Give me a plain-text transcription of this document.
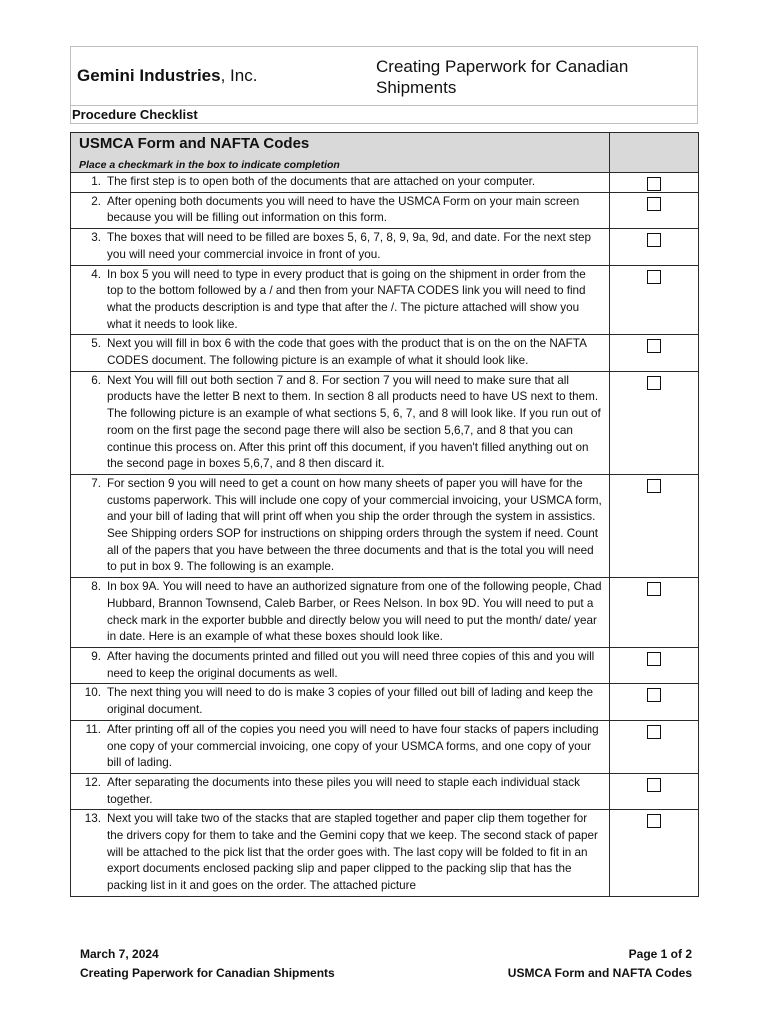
Gemini Industries, Inc.	Creating Paperwork for Canadian Shipments
Procedure Checklist
USMCA Form and NAFTA Codes
Place a checkmark in the box to indicate completion	

1. The first step is to open both of the documents that are attached on your computer.	

2. After opening both documents you will need to have the USMCA Form on your main screen because you will be filling out information on this form.	

3. The boxes that will need to be filled are boxes 5, 6, 7, 8, 9, 9a, 9d, and date. For the next step you will need your commercial invoice in front of you.	

4. In box 5 you will need to type in every product that is going on the shipment in order from the top to the bottom followed by a / and then from your NAFTA CODES link you will need to find what the products description is and type that after the /. The picture attached will show you what it needs to look like.	

5. Next you will fill in box 6 with the code that goes with the product that is on the on the NAFTA CODES document. The following picture is an example of what it should look like.	

6. Next You will fill out both section 7 and 8. For section 7 you will need to make sure that all products have the letter B next to them. In section 8 all products need to have US next to them. The following picture is an example of what sections 5, 6, 7, and 8 will look like. If you run out of room on the first page the second page there will also be section 5,6,7, and 8 that you can continue this process on. After this print off this document, if you haven't filled anything out on the second page in boxes 5,6,7, and 8 then discard it.	

7. For section 9 you will need to get a count on how many sheets of paper you will have for the customs paperwork. This will include one copy of your commercial invoicing, your USMCA form, and your bill of lading that will print off when you ship the order through the system in assistics. See Shipping orders SOP for instructions on shipping orders through the system if need. Count all of the papers that you have between the three documents and that is the total you will need to put in box 9. The following is an example.	

8. In box 9A. You will need to have an authorized signature from one of the following people, Chad Hubbard, Brannon Townsend, Caleb Barber, or Rees Nelson. In box 9D. You will need to put a check mark in the exporter bubble and directly below you will need to put the month/ date/ year in date. Here is an example of what these boxes should look like.	

9. After having the documents printed and filled out you will need three copies of this and you will need to keep the original documents as well.	

10. The next thing you will need to do is make 3 copies of your filled out bill of lading and keep the original document.	

11. After printing off all of the copies you need you will need to have four stacks of papers including one copy of your commercial invoicing, one copy of your USMCA forms, and one copy of your bill of lading.	

12. After separating the documents into these piles you will need to staple each individual stack together.	

13. Next you will take two of the stacks that are stapled together and paper clip them together for the drivers copy for them to take and the Gemini copy that we keep. The second stack of paper will be attached to the pick list that the order goes with. The last copy will be folded to fit in an export documents enclosed packing slip and paper clipped to the packing slip that has the packing list in it and goes on the order. The attached picture	

March 7, 2024
Creating Paperwork for Canadian Shipments
Page 1 of 2
USMCA Form and NAFTA Codes
